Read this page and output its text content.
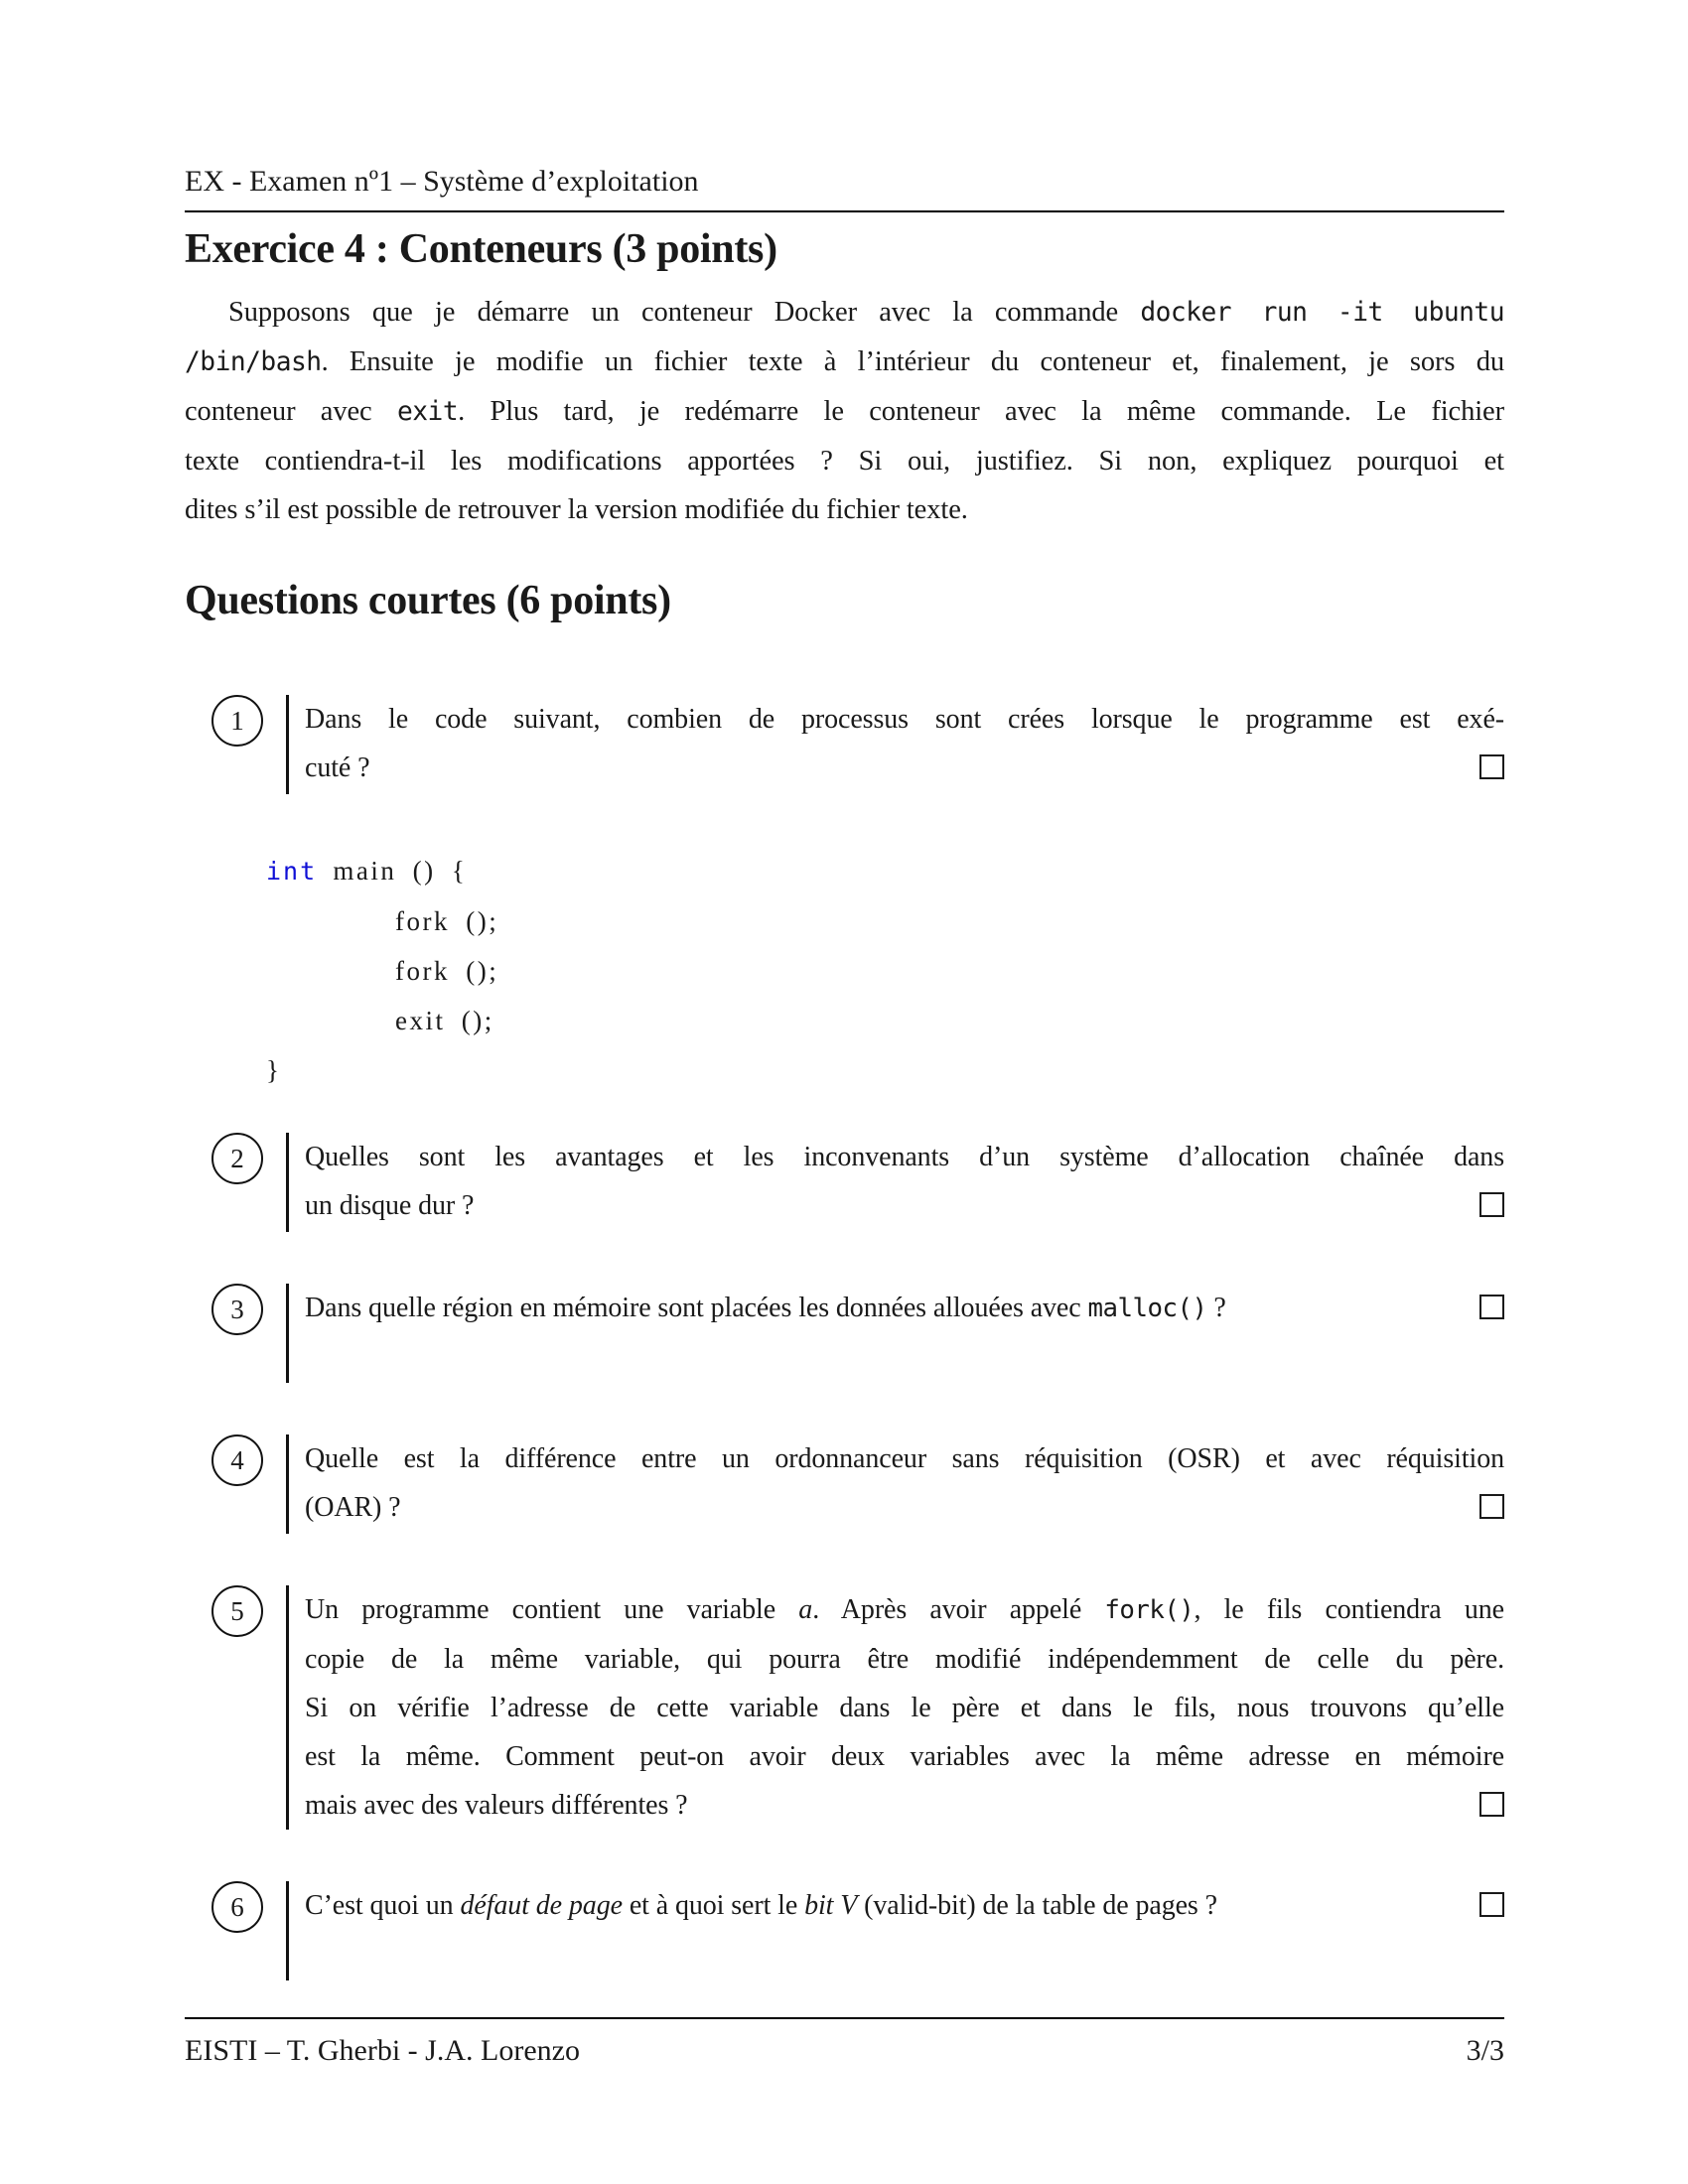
EX - Examen nº1 – Système d’exploitation
Exercice 4 : Conteneurs (3 points)
Supposons que je démarre un conteneur Docker avec la commande docker run -it ubuntu
/bin/bash. Ensuite je modifie un fichier texte à l’intérieur du conteneur et, finalement, je sors du
conteneur avec exit. Plus tard, je redémarre le conteneur avec la même commande. Le fichier
texte contiendra-t-il les modifications apportées ? Si oui, justifiez. Si non, expliquez pourquoi et
dites s’il est possible de retrouver la version modifiée du fichier texte.
Questions courtes (6 points)
1 Dans le code suivant, combien de processus sont crées lorsque le programme est exé-
cuté ?
int main () {
fork ();
fork ();
exit ();
}
2 Quelles sont les avantages et les inconvenants d’un système d’allocation chaînée dans
un disque dur ?
3 Dans quelle région en mémoire sont placées les données allouées avec malloc() ?
4 Quelle est la différence entre un ordonnanceur sans réquisition (OSR) et avec réquisition
(OAR) ?
5 Un programme contient une variable a. Après avoir appelé fork(), le fils contiendra une
copie de la même variable, qui pourra être modifié indépendemment de celle du père.
Si on vérifie l’adresse de cette variable dans le père et dans le fils, nous trouvons qu’elle
est la même. Comment peut-on avoir deux variables avec la même adresse en mémoire
mais avec des valeurs différentes ?
6 C’est quoi un défaut de page et à quoi sert le bit V (valid-bit) de la table de pages ?
EISTI – T. Gherbi - J.A. Lorenzo	3/3
